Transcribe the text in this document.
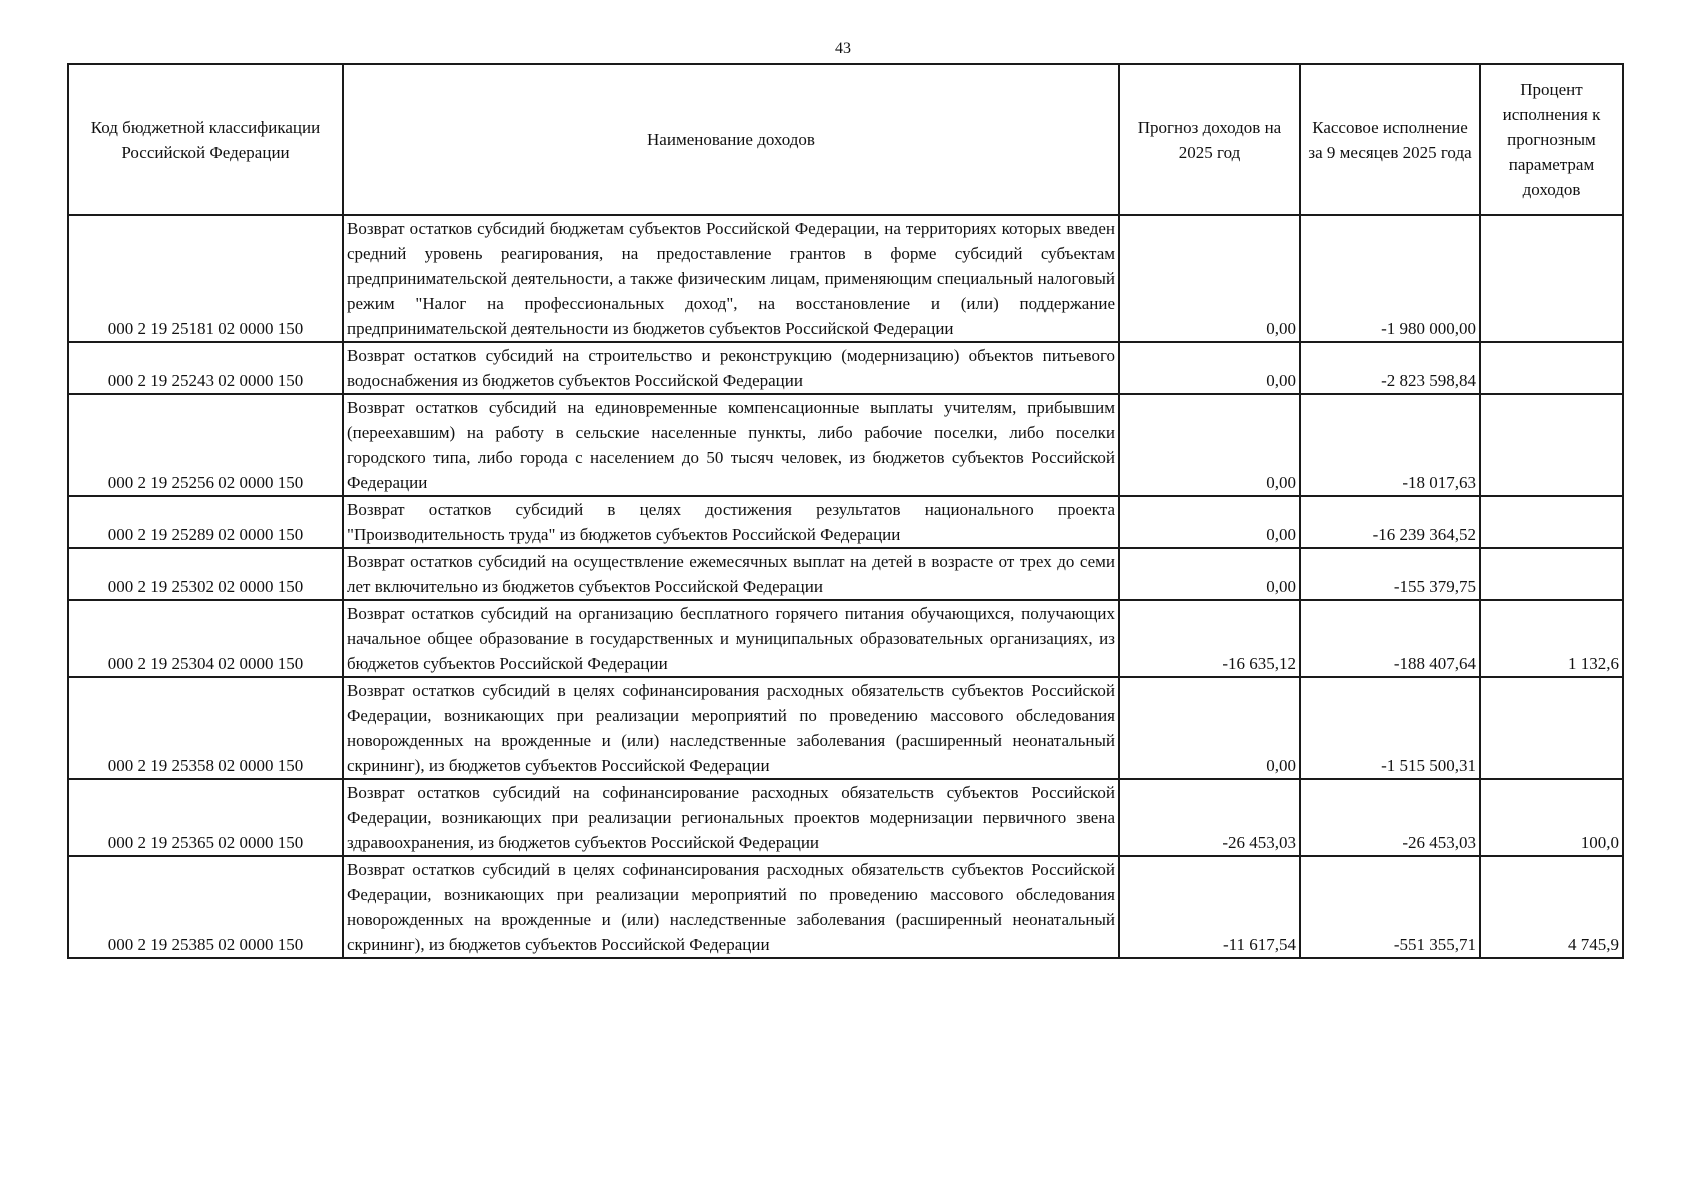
43
Код бюджетной классификации Российской Федерации	Наименование доходов	Прогноз доходов на 2025 год	Кассовое исполнение за 9 месяцев 2025 года	Процент исполнения к прогнозным параметрам доходов
000 2 19 25181 02 0000 150	Возврат остатков субсидий бюджетам субъектов Российской Федерации, на территориях которых введен средний уровень реагирования, на предоставление грантов в форме субсидий субъектам предпринимательской деятельности, а также физическим лицам, применяющим специальный налоговый режим "Налог на профессиональных доход", на восстановление и (или) поддержание предпринимательской деятельности из бюджетов субъектов Российской Федерации	0,00	-1 980 000,00	
000 2 19 25243 02 0000 150	Возврат остатков субсидий на строительство и реконструкцию (модернизацию) объектов питьевого водоснабжения из бюджетов субъектов Российской Федерации	0,00	-2 823 598,84	
000 2 19 25256 02 0000 150	Возврат остатков субсидий на единовременные компенсационные выплаты учителям, прибывшим (переехавшим) на работу в сельские населенные пункты, либо рабочие поселки, либо поселки городского типа, либо города с населением до 50 тысяч человек, из бюджетов субъектов Российской Федерации	0,00	-18 017,63	
000 2 19 25289 02 0000 150	Возврат остатков субсидий в целях достижения результатов национального проекта "Производительность труда" из бюджетов субъектов Российской Федерации	0,00	-16 239 364,52	
000 2 19 25302 02 0000 150	Возврат остатков субсидий на осуществление ежемесячных выплат на детей в возрасте от трех до семи лет включительно из бюджетов субъектов Российской Федерации	0,00	-155 379,75	
000 2 19 25304 02 0000 150	Возврат остатков субсидий на организацию бесплатного горячего питания обучающихся, получающих начальное общее образование в государственных и муниципальных образовательных организациях, из бюджетов субъектов Российской Федерации	-16 635,12	-188 407,64	1 132,6
000 2 19 25358 02 0000 150	Возврат остатков субсидий в целях софинансирования расходных обязательств субъектов Российской Федерации, возникающих при реализации мероприятий по проведению массового обследования новорожденных на врожденные и (или) наследственные заболевания (расширенный неонатальный скрининг), из бюджетов субъектов Российской Федерации	0,00	-1 515 500,31	
000 2 19 25365 02 0000 150	Возврат остатков субсидий на софинансирование расходных обязательств субъектов Российской Федерации, возникающих при реализации региональных проектов модернизации первичного звена здравоохранения, из бюджетов субъектов Российской Федерации	-26 453,03	-26 453,03	100,0
000 2 19 25385 02 0000 150	Возврат остатков субсидий в целях софинансирования расходных обязательств субъектов Российской Федерации, возникающих при реализации мероприятий по проведению массового обследования новорожденных на врожденные и (или) наследственные заболевания (расширенный неонатальный скрининг), из бюджетов субъектов Российской Федерации	-11 617,54	-551 355,71	4 745,9
